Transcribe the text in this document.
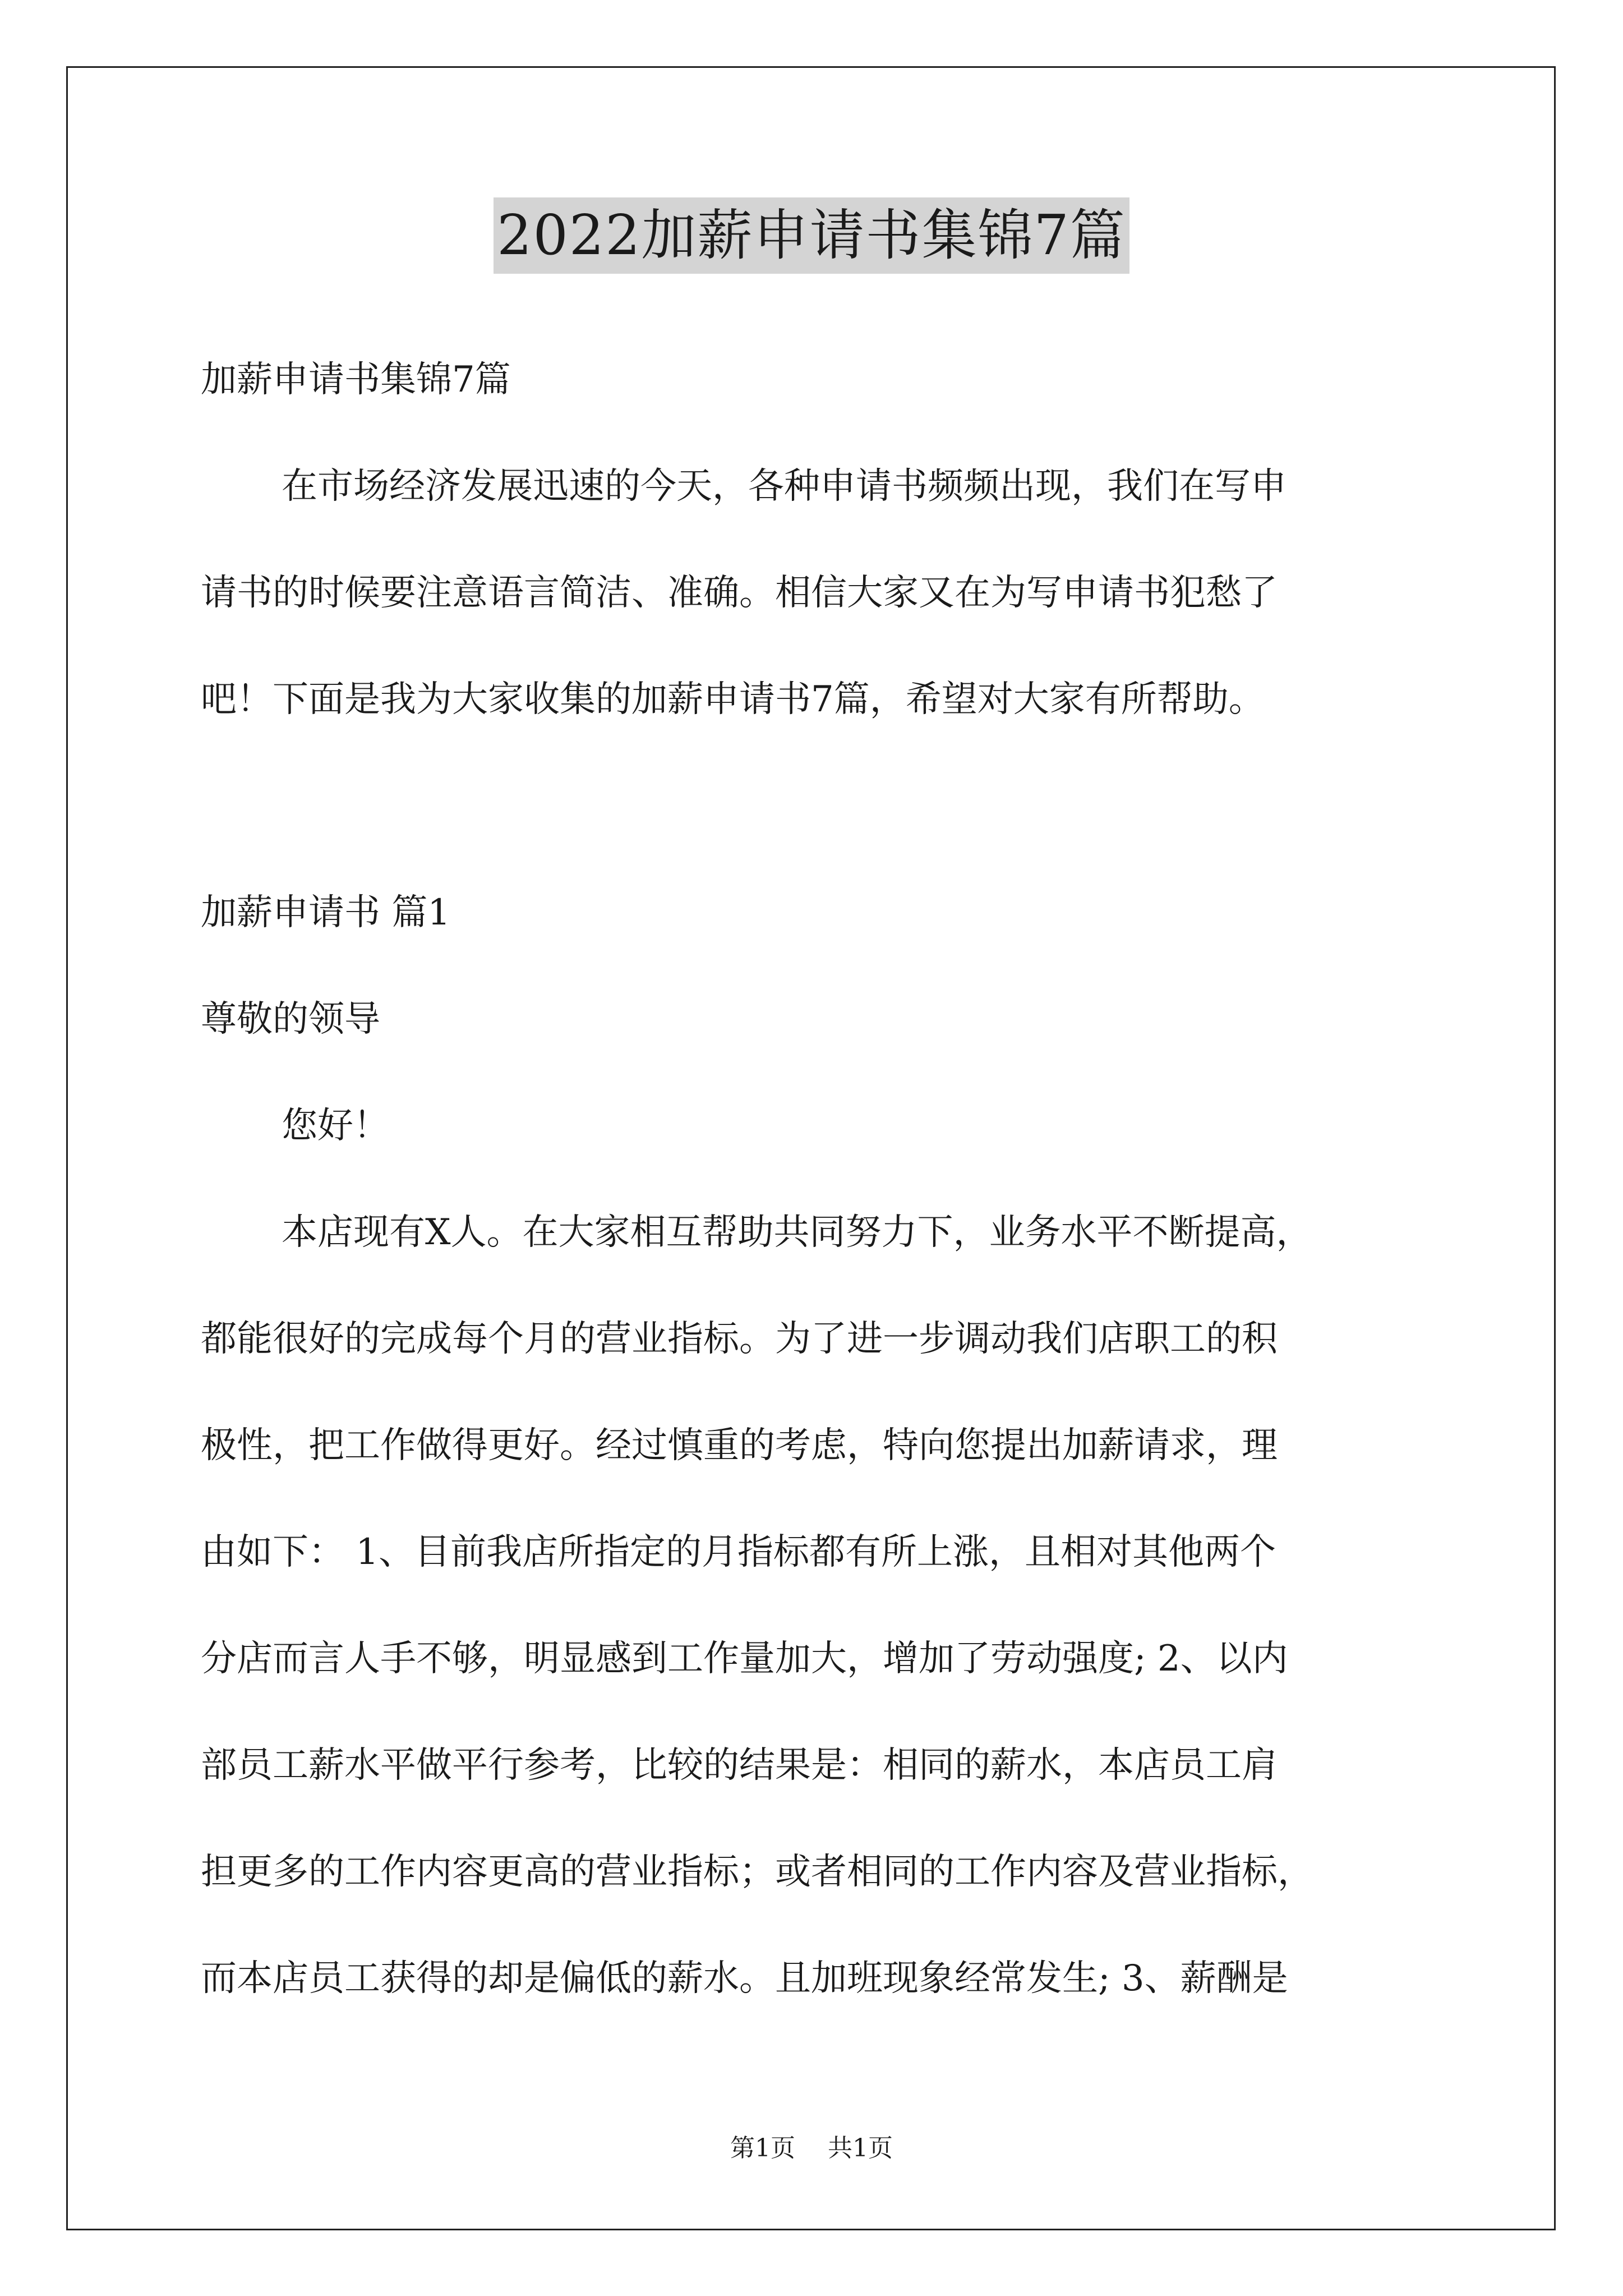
2022加薪申请书集锦7篇
加薪申请书集锦7篇
在市场经济发展迅速的今天，各种申请书频频出现，我们在写申
请书的时候要注意语言简洁、准确。相信大家又在为写申请书犯愁了
吧！下面是我为大家收集的加薪申请书7篇，希望对大家有所帮助。
加薪申请书 篇1
尊敬的领导
您好！
本店现有X人。在大家相互帮助共同努力下，业务水平不断提高，
都能很好的完成每个月的营业指标。为了进一步调动我们店职工的积
极性，把工作做得更好。经过慎重的考虑，特向您提出加薪请求，理
由如下： 1、目前我店所指定的月指标都有所上涨，且相对其他两个
分店而言人手不够，明显感到工作量加大，增加了劳动强度; 2、以内
部员工薪水平做平行参考，比较的结果是：相同的薪水，本店员工肩
担更多的工作内容更高的营业指标；或者相同的工作内容及营业指标，
而本店员工获得的却是偏低的薪水。且加班现象经常发生; 3、薪酬是
第1页 共1页
